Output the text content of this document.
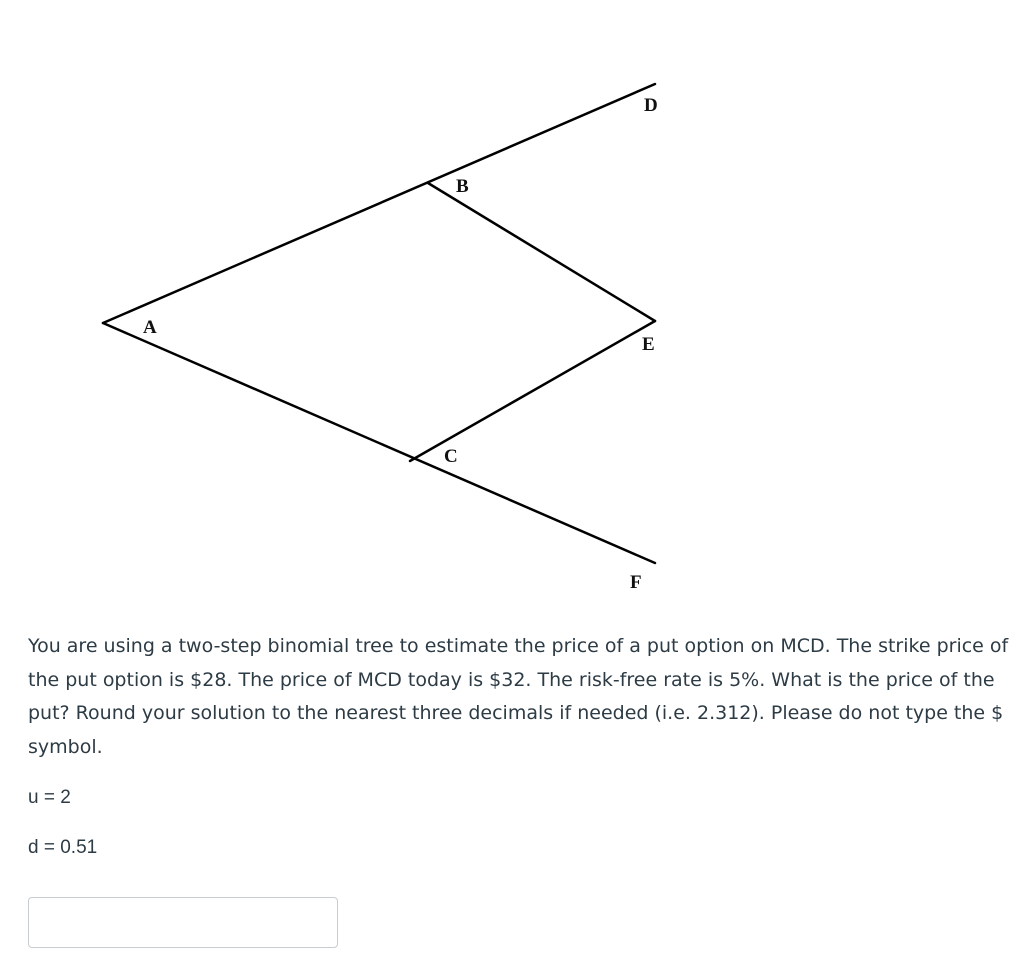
A
B
C
D
E
F

You are using a two-step binomial tree to estimate the price of a put option on MCD. The strike price of the put option is $28. The price of MCD today is $32. The risk-free rate is 5%. What is the price of the put? Round your solution to the nearest three decimals if needed (i.e. 2.312). Please do not type the $ symbol.

u = 2

d = 0.51
